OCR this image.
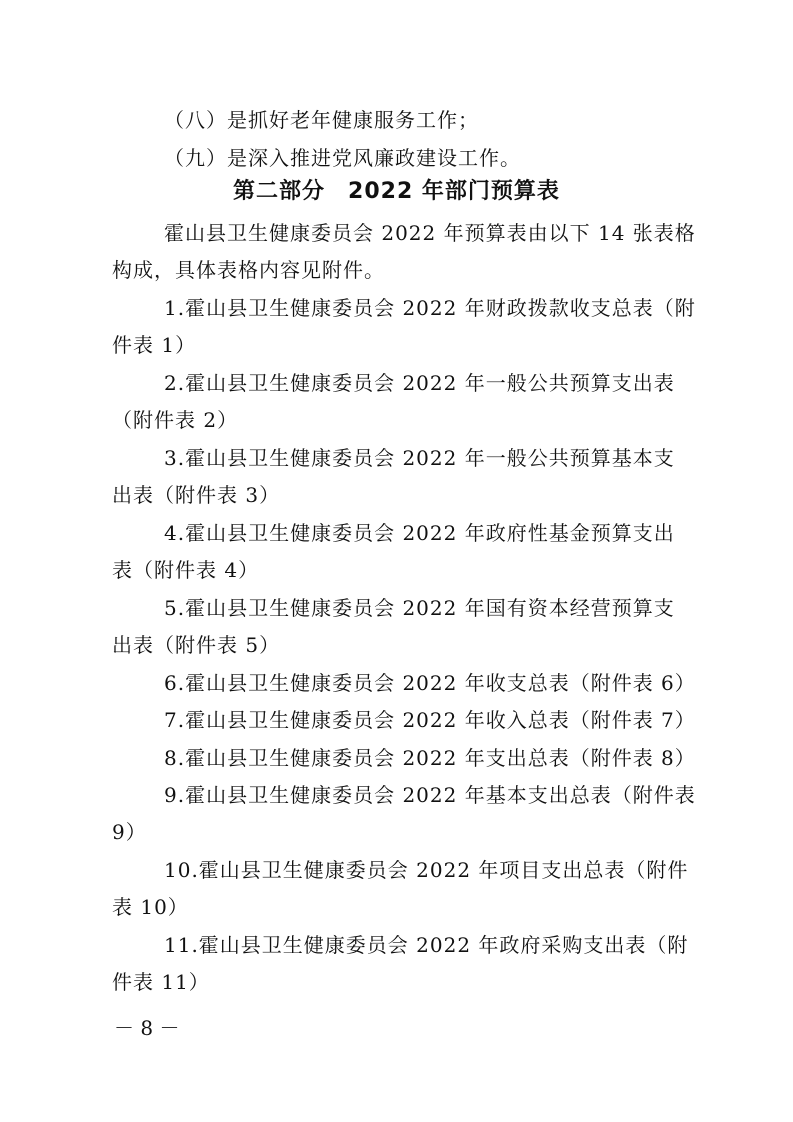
（八）是抓好老年健康服务工作；
（九）是深入推进党风廉政建设工作。
第二部分　2022 年部门预算表
霍山县卫生健康委员会 2022 年预算表由以下 14 张表格
构成，具体表格内容见附件。
1.霍山县卫生健康委员会 2022 年财政拨款收支总表（附
件表 1）
2.霍山县卫生健康委员会 2022 年一般公共预算支出表
（附件表 2）
3.霍山县卫生健康委员会 2022 年一般公共预算基本支
出表（附件表 3）
4.霍山县卫生健康委员会 2022 年政府性基金预算支出
表（附件表 4）
5.霍山县卫生健康委员会 2022 年国有资本经营预算支
出表（附件表 5）
6.霍山县卫生健康委员会 2022 年收支总表（附件表 6）
7.霍山县卫生健康委员会 2022 年收入总表（附件表 7）
8.霍山县卫生健康委员会 2022 年支出总表（附件表 8）
9.霍山县卫生健康委员会 2022 年基本支出总表（附件表
9）
10.霍山县卫生健康委员会 2022 年项目支出总表（附件
表 10）
11.霍山县卫生健康委员会 2022 年政府采购支出表（附
件表 11）
－ 8 －
